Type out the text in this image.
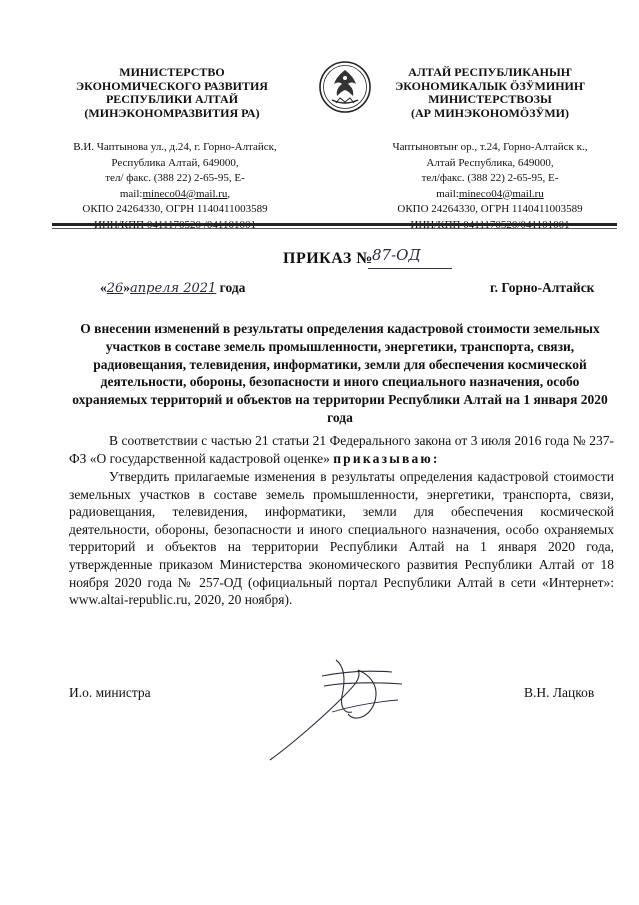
МИНИСТЕРСТВО
ЭКОНОМИЧЕСКОГО РАЗВИТИЯ
РЕСПУБЛИКИ АЛТАЙ
(МИНЭКОНОМРАЗВИТИЯ РА)
АЛТАЙ РЕСПУБЛИКАНЫҤ
ЭКОНОМИКАЛЫК ӦЗӰМИНИҤ
МИНИСТЕРСТВОЗЫ
(АР МИНЭКОНОМӦЗӰМИ)
В.И. Чаптынова ул., д.24, г. Горно-Алтайск,
Республика Алтай, 649000,
тел/ факс. (388 22) 2-65-95, E-mail:mineco04@mail.ru,
ОКПО 24264330, ОГРН 1140411003589
Чаптыновтыҥ ор., т.24, Горно-Алтайск к.,
Алтай Республика, 649000,
тел/факс. (388 22) 2-65-95, E-mail:mineco04@mail.ru
ОКПО 24264330, ОГРН 1140411003589
ПРИКАЗ № 87-ОД
«26»апреля 2021 года	г. Горно-Алтайск
О внесении изменений в результаты определения кадастровой стоимости земельных участков в составе земель промышленности, энергетики, транспорта, связи, радиовещания, телевидения, информатики, земли для обеспечения космической деятельности, обороны, безопасности и иного специального назначения, особо охраняемых территорий и объектов на территории Республики Алтай на 1 января 2020 года
В соответствии с частью 21 статьи 21 Федерального закона от 3 июля 2016 года № 237-ФЗ «О государственной кадастровой оценке» приказываю:
Утвердить прилагаемые изменения в результаты определения кадастровой стоимости земельных участков в составе земель промышленности, энергетики, транспорта, связи, радиовещания, телевидения, информатики, земли для обеспечения космической деятельности, обороны, безопасности и иного специального назначения, особо охраняемых территорий и объектов на территории Республики Алтай на 1 января 2020 года, утвержденные приказом Министерства экономического развития Республики Алтай от 18 ноября 2020 года № 257-ОД (официальный портал Республики Алтай в сети «Интернет»: www.altai-republic.ru, 2020, 20 ноября).
И.о. министра	В.Н. Лацков
